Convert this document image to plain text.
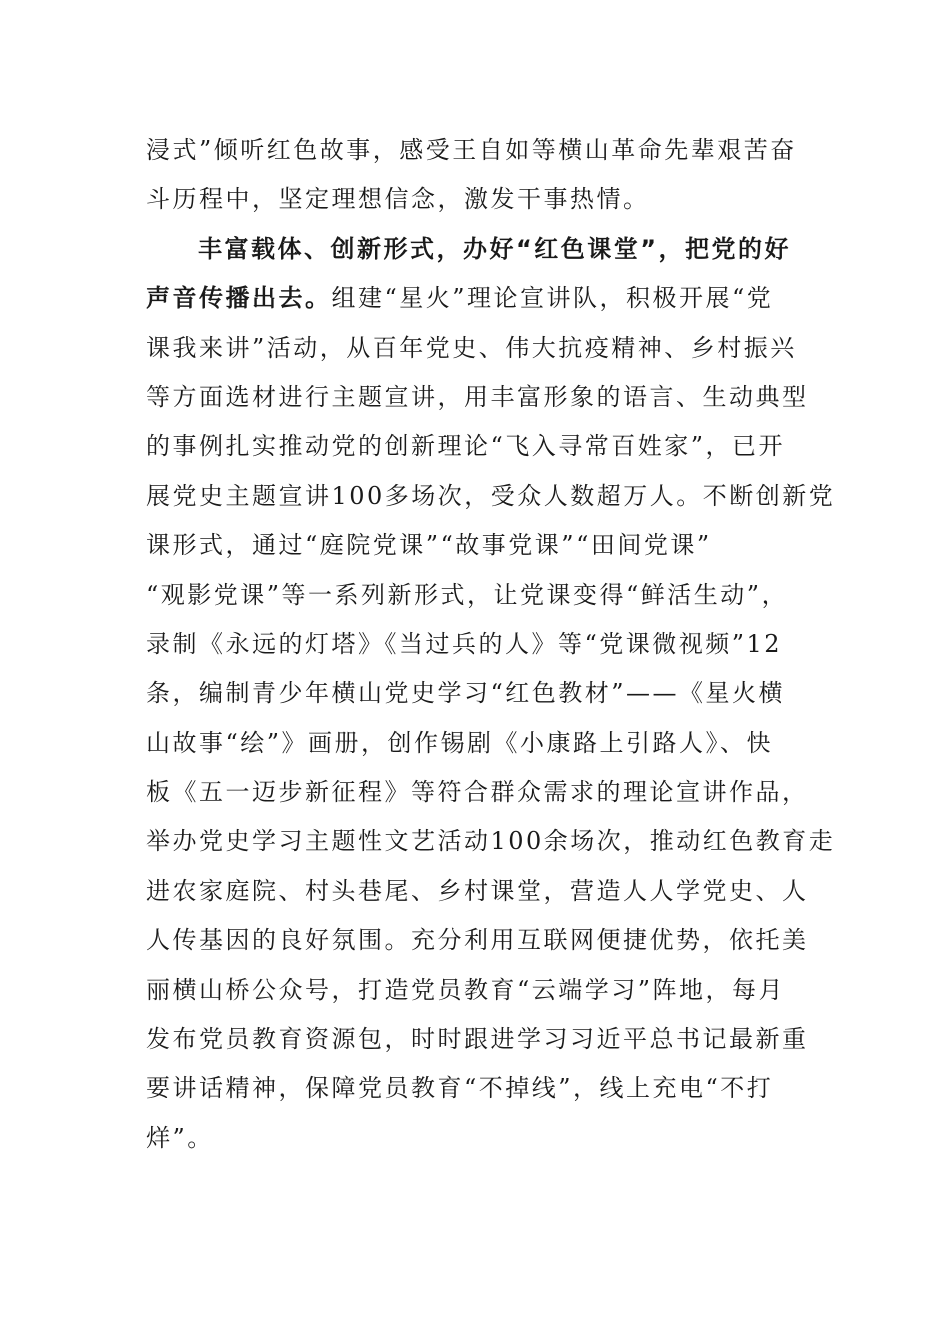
浸式”倾听红色故事，感受王自如等横山革命先辈艰苦奋
斗历程中，坚定理想信念，激发干事热情。
丰富载体、创新形式，办好“红色课堂”，把党的好
声音传播出去。组建“星火”理论宣讲队，积极开展“党
课我来讲”活动，从百年党史、伟大抗疫精神、乡村振兴
等方面选材进行主题宣讲，用丰富形象的语言、生动典型
的事例扎实推动党的创新理论“飞入寻常百姓家”，已开
展党史主题宣讲100多场次，受众人数超万人。不断创新党
课形式，通过“庭院党课”“故事党课”“田间党课”
“观影党课”等一系列新形式，让党课变得“鲜活生动”，
录制《永远的灯塔》《当过兵的人》等“党课微视频”12
条，编制青少年横山党史学习“红色教材”——《星火横
山故事“绘”》画册，创作锡剧《小康路上引路人》、快
板《五一迈步新征程》等符合群众需求的理论宣讲作品，
举办党史学习主题性文艺活动100余场次，推动红色教育走
进农家庭院、村头巷尾、乡村课堂，营造人人学党史、人
人传基因的良好氛围。充分利用互联网便捷优势，依托美
丽横山桥公众号，打造党员教育“云端学习”阵地，每月
发布党员教育资源包，时时跟进学习习近平总书记最新重
要讲话精神，保障党员教育“不掉线”，线上充电“不打
烊”。
